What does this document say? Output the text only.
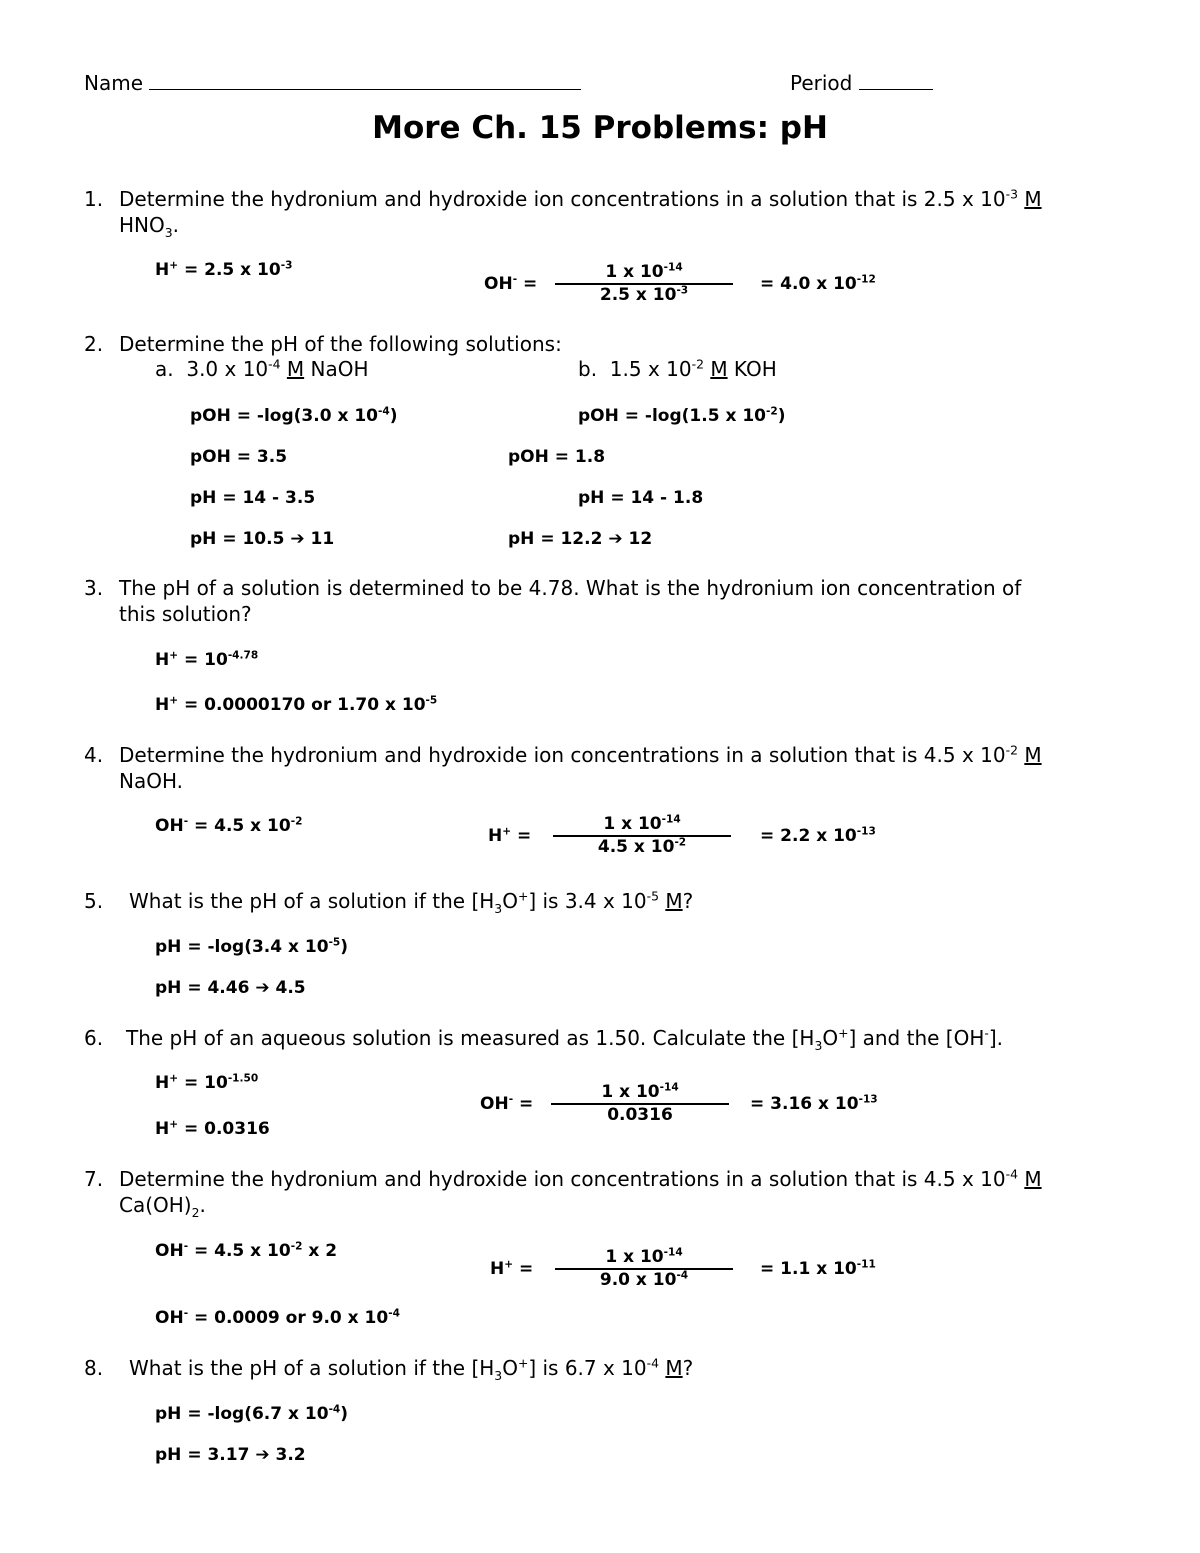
Name	Period
More Ch. 15 Problems: pH
1. Determine the hydronium and hydroxide ion concentrations in a solution that is 2.5 x $10^{-3}$ M
$HNO_3$.
H+ = 2.5 x $10^{-3}$
OH- =
1 x $10^{-14}$
2.5 x $10^{-3}$	= 4.0 x $10^{-12}$
2. Determine the pH of the following solutions:
a. 3.0 x $10^{-4}$ M NaOH	b. 1.5 x $10^{-2}$ M KOH
pOH = -log(3.0 x $10^{-4}$)
pOH = 3.5
pH = 14 - 3.5
pH = 10.5 ➔ 11
pOH = -log(1.5 x $10^{-2}$)
pOH = 1.8
pH = 14 - 1.8
pH = 12.2 ➔ 12
3. The pH of a solution is determined to be 4.78. What is the hydronium ion concentration of
this solution?
$H^+ = 10^{-4.78}$
H+ = 0.0000170 or 1.70 x $10^{-5}$
4. Determine the hydronium and hydroxide ion concentrations in a solution that is 4.5 x $10^{-2}$ M
NaOH.
OH- = 4.5 x $10^{-2}$
H+ =
1 x $10^{-14}$
4.5 x $10^{-2}$	= 2.2 x $10^{-13}$
5. What is the pH of a solution if the $[H_3O^+]$ is 3.4 x $10^{-5}$ M?
pH = -log(3.4 x $10^{-5}$)
pH = 4.46 ➔ 4.5
6. The pH of an aqueous solution is measured as 1.50. Calculate the $[H_3O^+]$ and the [OH-].
$H^+ = 10^{-1.50}$
H+ = 0.0316
OH- =
1 x $10^{-14}$
0.0316
= 3.16 x $10^{-13}$
7. Determine the hydronium and hydroxide ion concentrations in a solution that is 4.5 x $10^{-4}$ M
$Ca(OH)_2$.
OH- = 4.5 x $10^{-2}$ x 2
OH- = 0.0009 or 9.0 x $10^{-4}$
H+ =
1 x $10^{-14}$
9.0 x $10^{-4}$	= 1.1 x $10^{-11}$
8. What is the pH of a solution if the $[H_3O^+]$ is 6.7 x $10^{-4}$ M?
pH = -log(6.7 x $10^{-4}$)
pH = 3.17 ➔ 3.2
